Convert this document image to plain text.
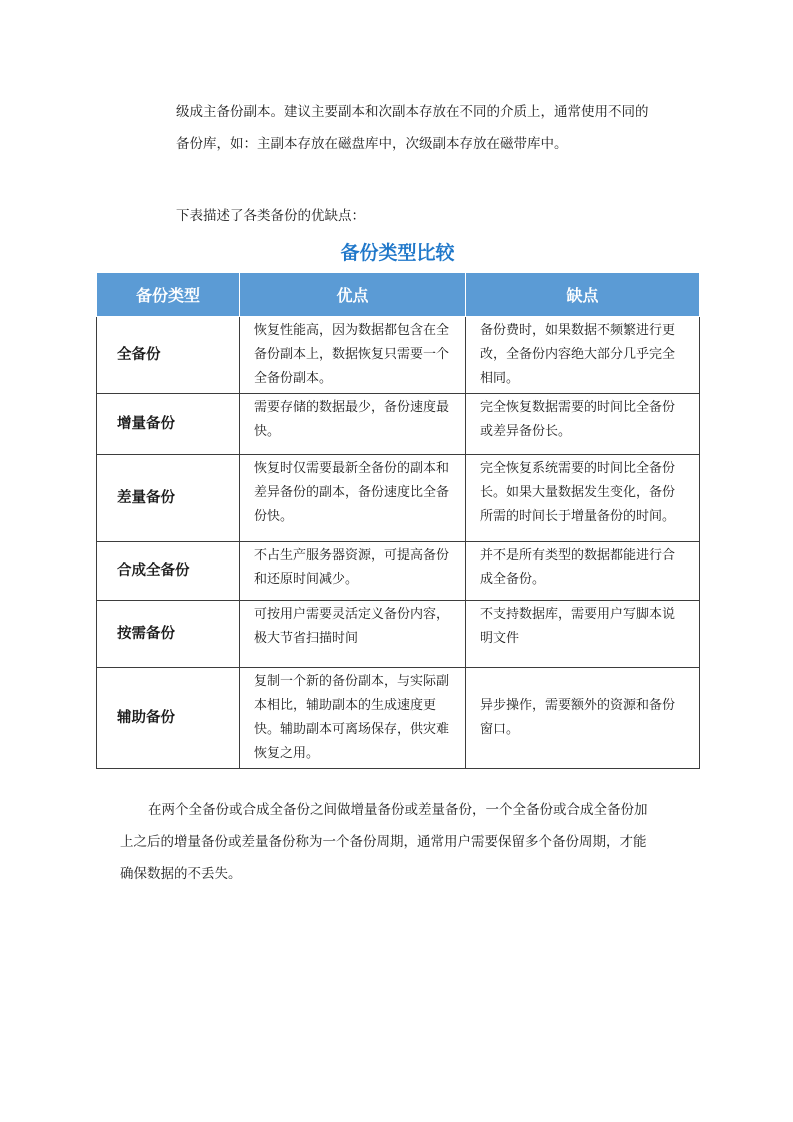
级成主备份副本。建议主要副本和次副本存放在不同的介质上，通常使用不同的
备份库，如：主副本存放在磁盘库中，次级副本存放在磁带库中。

下表描述了各类备份的优缺点：

备份类型比较
备份类型	优点	缺点
全备份	恢复性能高，因为数据都包含在全备份副本上，数据恢复只需要一个全备份副本。	备份费时，如果数据不频繁进行更改，全备份内容绝大部分几乎完全相同。
增量备份	需要存储的数据最少，备份速度最快。	完全恢复数据需要的时间比全备份或差异备份长。
差量备份	恢复时仅需要最新全备份的副本和差异备份的副本，备份速度比全备份快。	完全恢复系统需要的时间比全备份长。如果大量数据发生变化，备份所需的时间长于增量备份的时间。
合成全备份	不占生产服务器资源，可提高备份和还原时间减少。	并不是所有类型的数据都能进行合成全备份。
按需备份	可按用户需要灵活定义备份内容，极大节省扫描时间	不支持数据库，需要用户写脚本说明文件
辅助备份	复制一个新的备份副本，与实际副本相比，辅助副本的生成速度更快。辅助副本可离场保存，供灾难恢复之用。	异步操作，需要额外的资源和备份窗口。

在两个全备份或合成全备份之间做增量备份或差量备份，一个全备份或合成全备份加
上之后的增量备份或差量备份称为一个备份周期，通常用户需要保留多个备份周期，才能
确保数据的不丢失。
